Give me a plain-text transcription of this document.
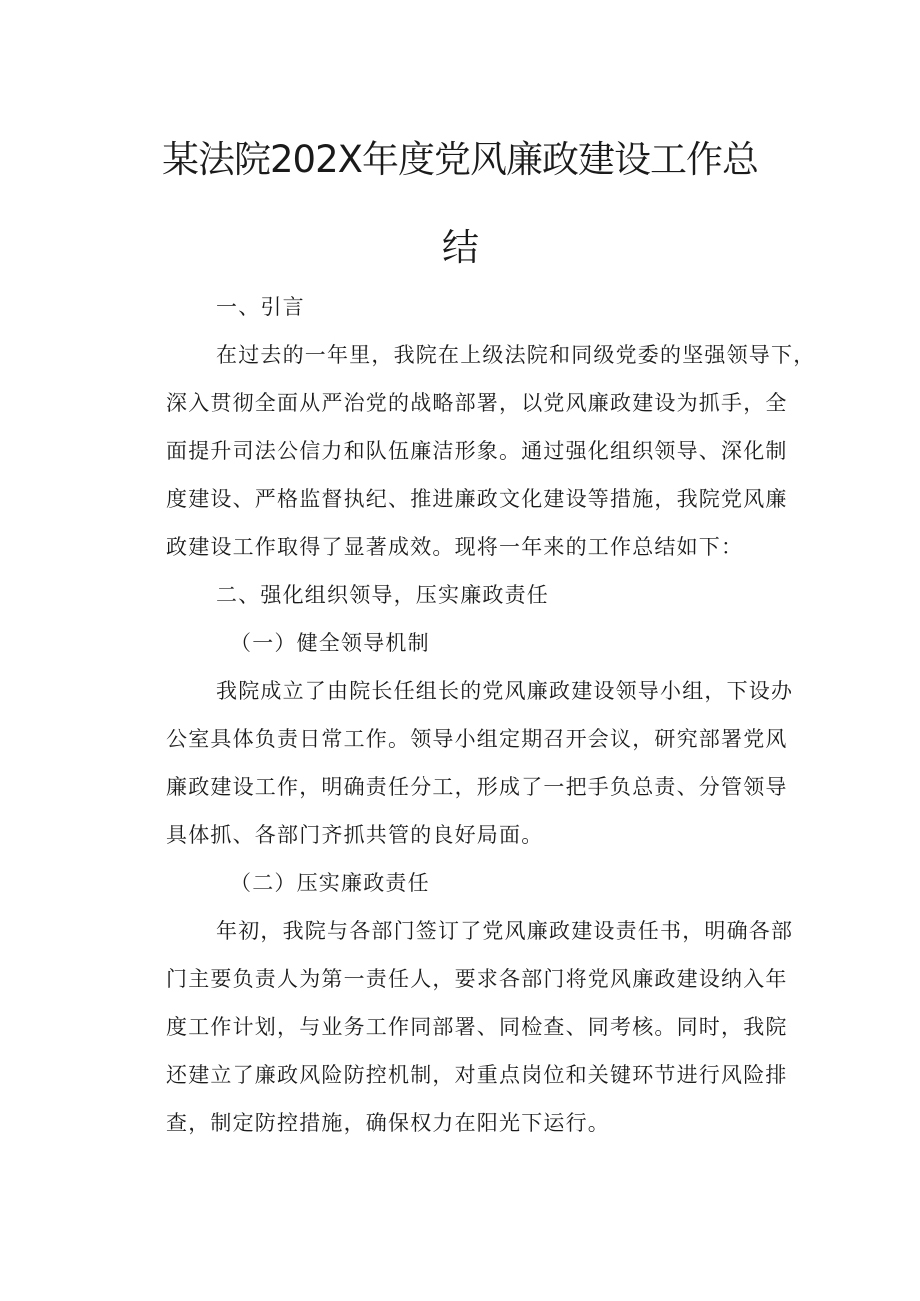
某法院202X年度党风廉政建设工作总
结
一、引言
在过去的一年里，我院在上级法院和同级党委的坚强领导下，
深入贯彻全面从严治党的战略部署，以党风廉政建设为抓手，全
面提升司法公信力和队伍廉洁形象。通过强化组织领导、深化制
度建设、严格监督执纪、推进廉政文化建设等措施，我院党风廉
政建设工作取得了显著成效。现将一年来的工作总结如下：
二、强化组织领导，压实廉政责任
（一）健全领导机制
我院成立了由院长任组长的党风廉政建设领导小组，下设办
公室具体负责日常工作。领导小组定期召开会议，研究部署党风
廉政建设工作，明确责任分工，形成了一把手负总责、分管领导
具体抓、各部门齐抓共管的良好局面。
（二）压实廉政责任
年初，我院与各部门签订了党风廉政建设责任书，明确各部
门主要负责人为第一责任人，要求各部门将党风廉政建设纳入年
度工作计划，与业务工作同部署、同检查、同考核。同时，我院
还建立了廉政风险防控机制，对重点岗位和关键环节进行风险排
查，制定防控措施，确保权力在阳光下运行。
